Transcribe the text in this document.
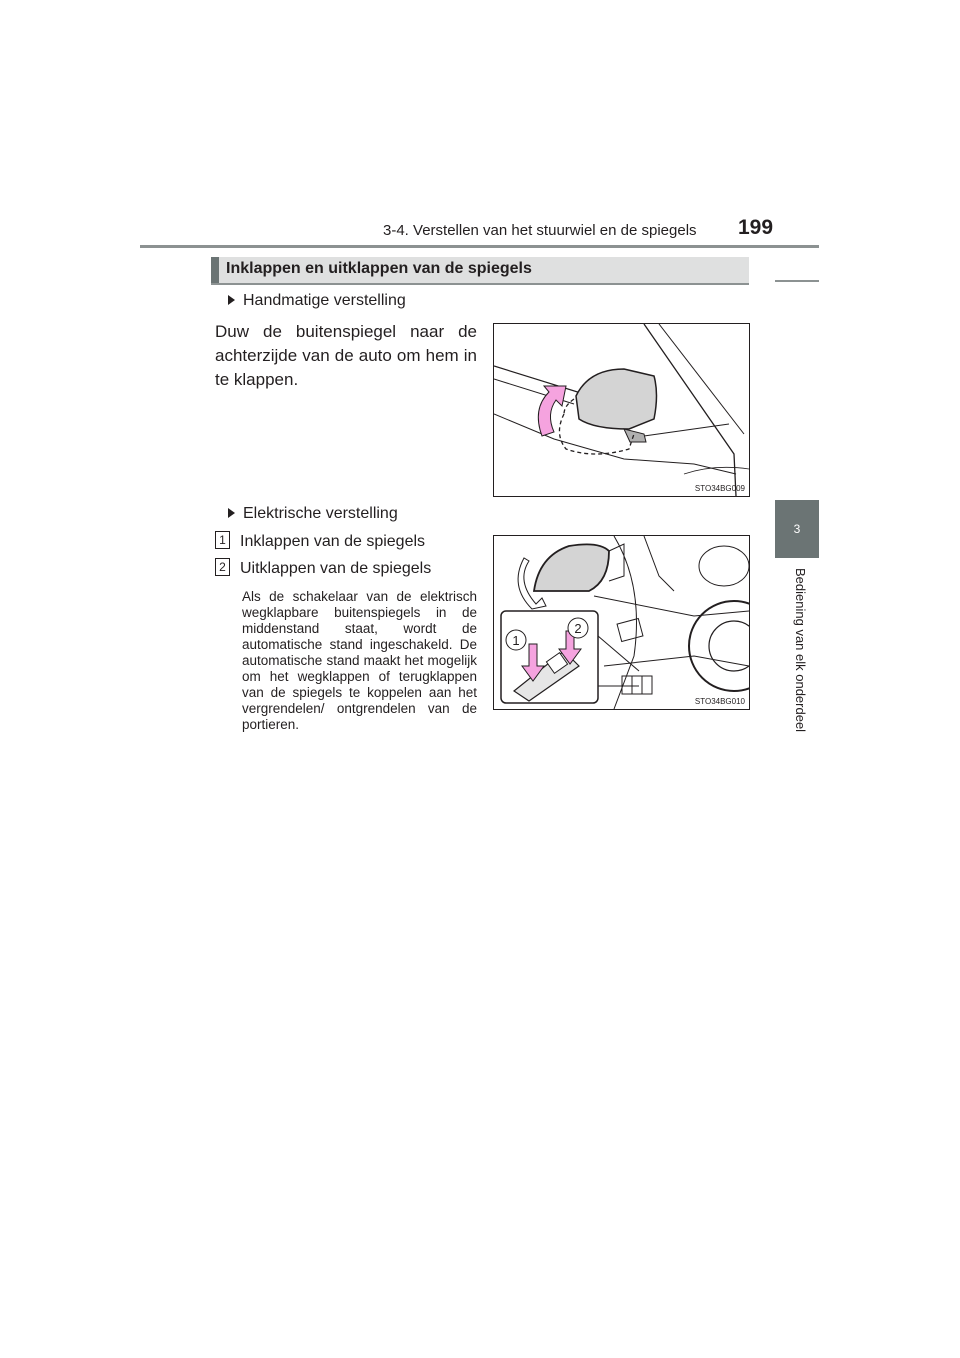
3-4. Verstellen van het stuurwiel en de spiegels 199
3
Bediening van elk onderdeel
Inklappen en uitklappen van de spiegels
Handmatige verstelling
Duw de buitenspiegel naar de achterzijde van de auto om hem in te klappen.
STO34BG009
Elektrische verstelling
1 Inklappen van de spiegels
2 Uitklappen van de spiegels
Als de schakelaar van de elektrisch wegklapbare buitenspiegels in de middenstand staat, wordt de automatische stand ingeschakeld. De automatische stand maakt het mogelijk om het wegklappen of terugklappen van de spiegels te koppelen aan het vergrendelen/ ontgrendelen van de portieren.
1
2
STO34BG010
